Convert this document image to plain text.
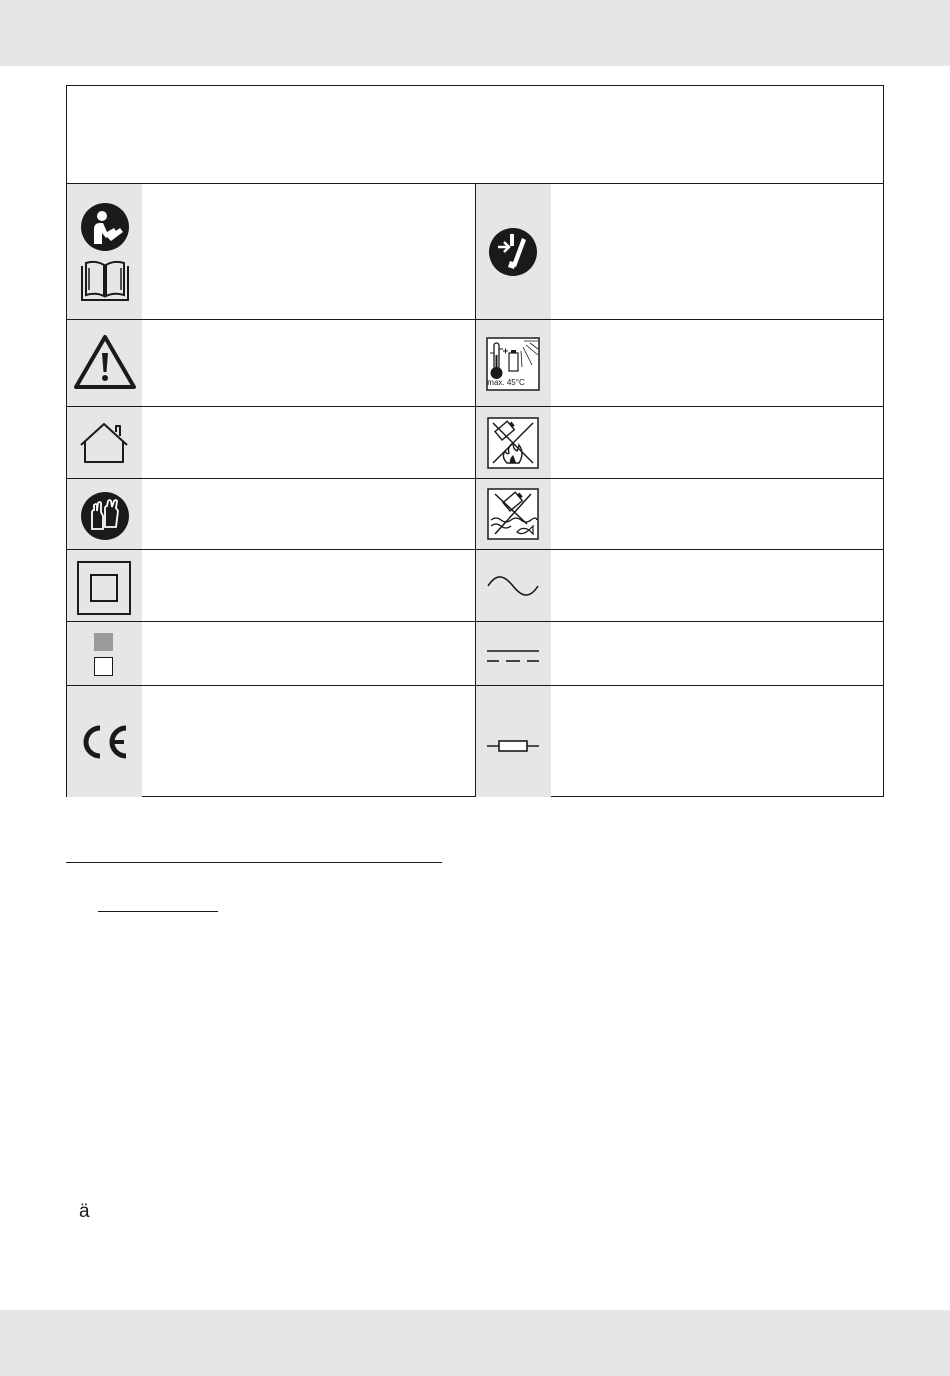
max. 45°C
ä
